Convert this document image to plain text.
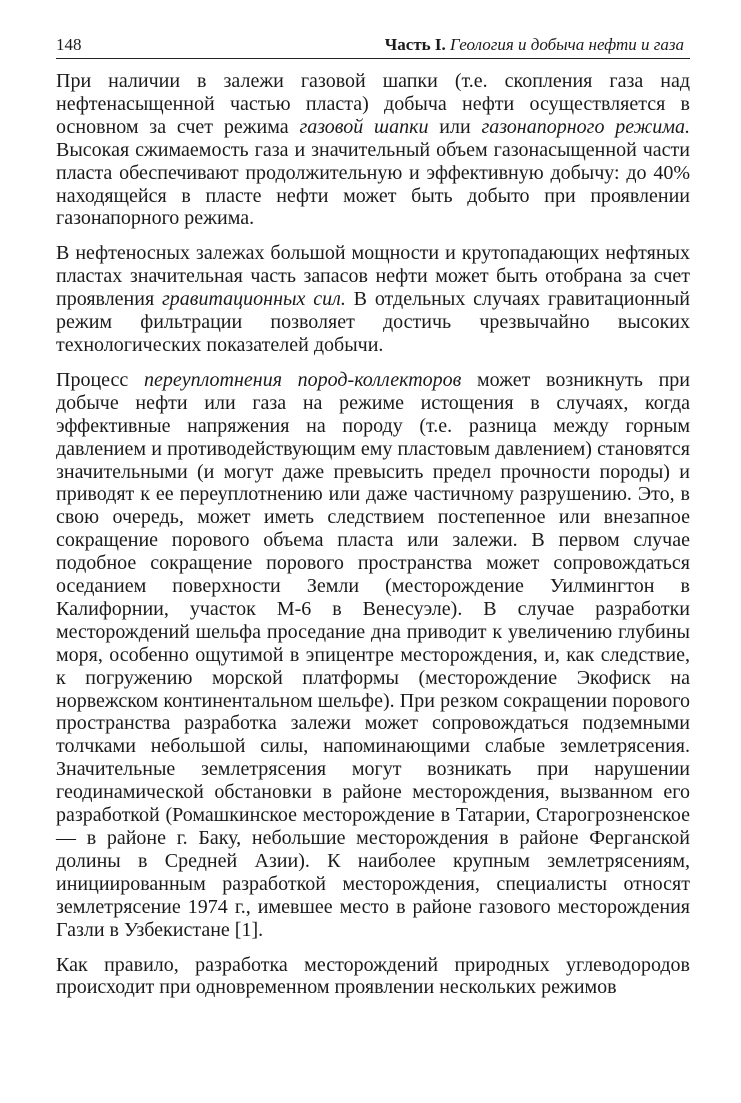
148	Часть I. Геология и добыча нефти и газа

При наличии в залежи газовой шапки (т.е. скопления газа над нефтенасыщенной частью пласта) добыча нефти осуществляется в основном за счет режима газовой шапки или газонапорного режима. Высокая сжимаемость газа и значительный объем газонасыщенной части пласта обеспечивают продолжительную и эффективную добычу: до 40% находящейся в пласте нефти может быть добыто при проявлении газонапорного режима.

В нефтеносных залежах большой мощности и крутопадающих нефтяных пластах значительная часть запасов нефти может быть отобрана за счет проявления гравитационных сил. В отдельных случаях гравитационный режим фильтрации позволяет достичь чрезвычайно высоких технологических показателей добычи.

Процесс переуплотнения пород-коллекторов может возникнуть при добыче нефти или газа на режиме истощения в случаях, когда эффективные напряжения на породу (т.е. разница между горным давлением и противодействующим ему пластовым давлением) становятся значительными (и могут даже превысить предел прочности породы) и приводят к ее переуплотнению или даже частичному разрушению. Это, в свою очередь, может иметь следствием постепенное или внезапное сокращение порового объема пласта или залежи. В первом случае подобное сокращение порового пространства может сопровождаться оседанием поверхности Земли (месторождение Уилмингтон в Калифорнии, участок М-6 в Венесуэле). В случае разработки месторождений шельфа проседание дна приводит к увеличению глубины моря, особенно ощутимой в эпицентре месторождения, и, как следствие, к погружению морской платформы (месторождение Экофиск на норвежском континентальном шельфе). При резком сокращении порового пространства разработка залежи может сопровождаться подземными толчками небольшой силы, напоминающими слабые землетрясения. Значительные землетрясения могут возникать при нарушении геодинамической обстановки в районе месторождения, вызванном его разработкой (Ромашкинское месторождение в Татарии, Старогрозненское — в районе г. Баку, небольшие месторождения в районе Ферганской долины в Средней Азии). К наиболее крупным землетрясениям, инициированным разработкой месторождения, специалисты относят землетрясение 1974 г., имевшее место в районе газового месторождения Газли в Узбекистане [1].

Как правило, разработка месторождений природных углеводородов происходит при одновременном проявлении нескольких режимов
